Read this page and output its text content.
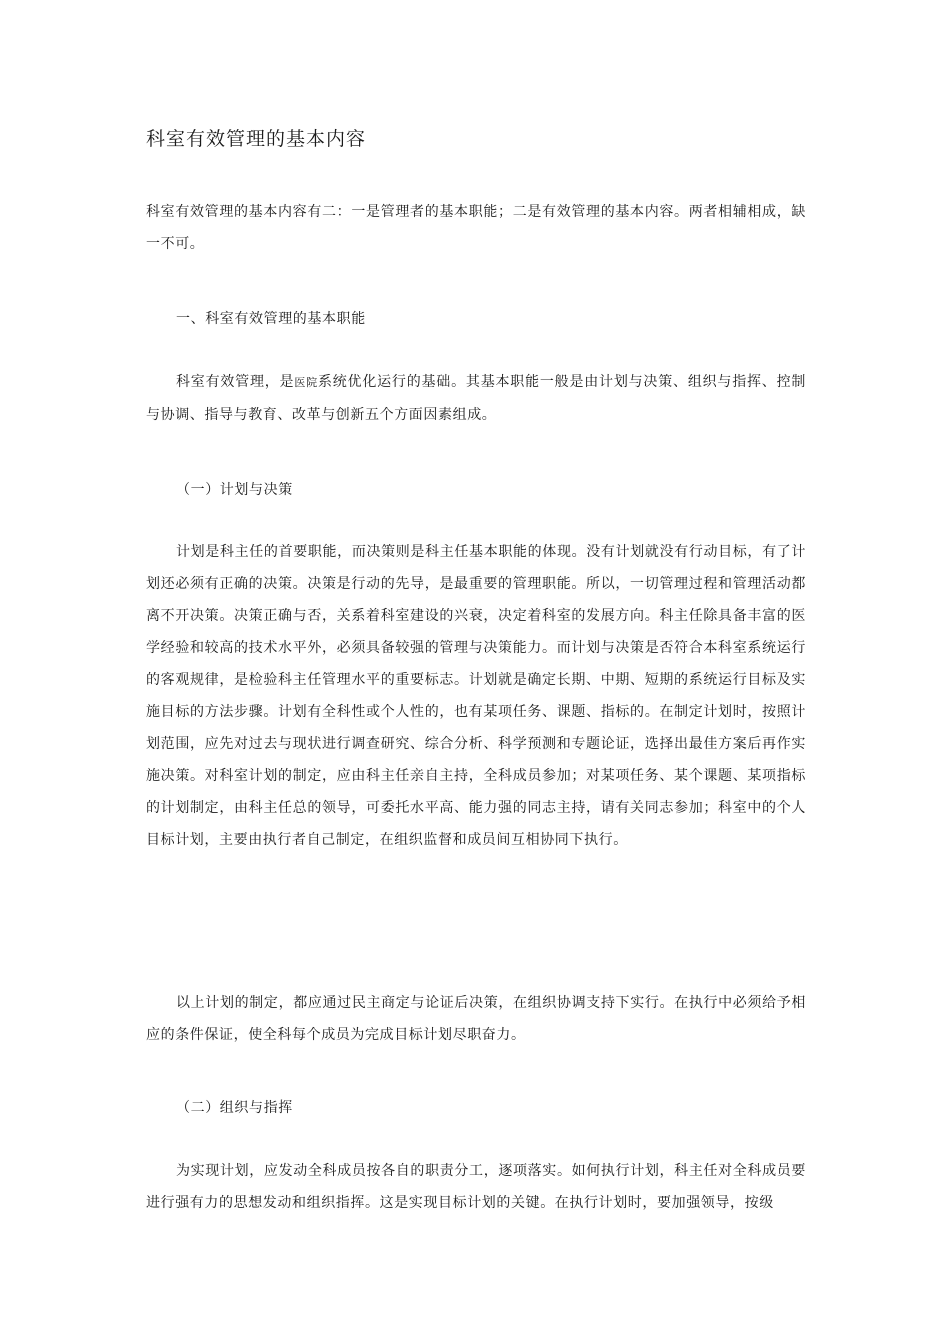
科室有效管理的基本内容

科室有效管理的基本内容有二：一是管理者的基本职能；二是有效管理的基本内容。两者相辅相成，缺一不可。

一、科室有效管理的基本职能

科室有效管理，是医院系统优化运行的基础。其基本职能一般是由计划与决策、组织与指挥、控制与协调、指导与教育、改革与创新五个方面因素组成。

（一）计划与决策

计划是科主任的首要职能，而决策则是科主任基本职能的体现。没有计划就没有行动目标，有了计划还必须有正确的决策。决策是行动的先导，是最重要的管理职能。所以，一切管理过程和管理活动都离不开决策。决策正确与否，关系着科室建设的兴衰，决定着科室的发展方向。科主任除具备丰富的医学经验和较高的技术水平外，必须具备较强的管理与决策能力。而计划与决策是否符合本科室系统运行的客观规律，是检验科主任管理水平的重要标志。计划就是确定长期、中期、短期的系统运行目标及实施目标的方法步骤。计划有全科性或个人性的，也有某项任务、课题、指标的。在制定计划时，按照计划范围，应先对过去与现状进行调查研究、综合分析、科学预测和专题论证，选择出最佳方案后再作实施决策。对科室计划的制定，应由科主任亲自主持，全科成员参加；对某项任务、某个课题、某项指标的计划制定，由科主任总的领导，可委托水平高、能力强的同志主持，请有关同志参加；科室中的个人目标计划，主要由执行者自己制定，在组织监督和成员间互相协同下执行。

以上计划的制定，都应通过民主商定与论证后决策，在组织协调支持下实行。在执行中必须给予相应的条件保证，使全科每个成员为完成目标计划尽职奋力。

（二）组织与指挥

为实现计划，应发动全科成员按各自的职责分工，逐项落实。如何执行计划，科主任对全科成员要进行强有力的思想发动和组织指挥。这是实现目标计划的关键。在执行计划时，要加强领导，按级
